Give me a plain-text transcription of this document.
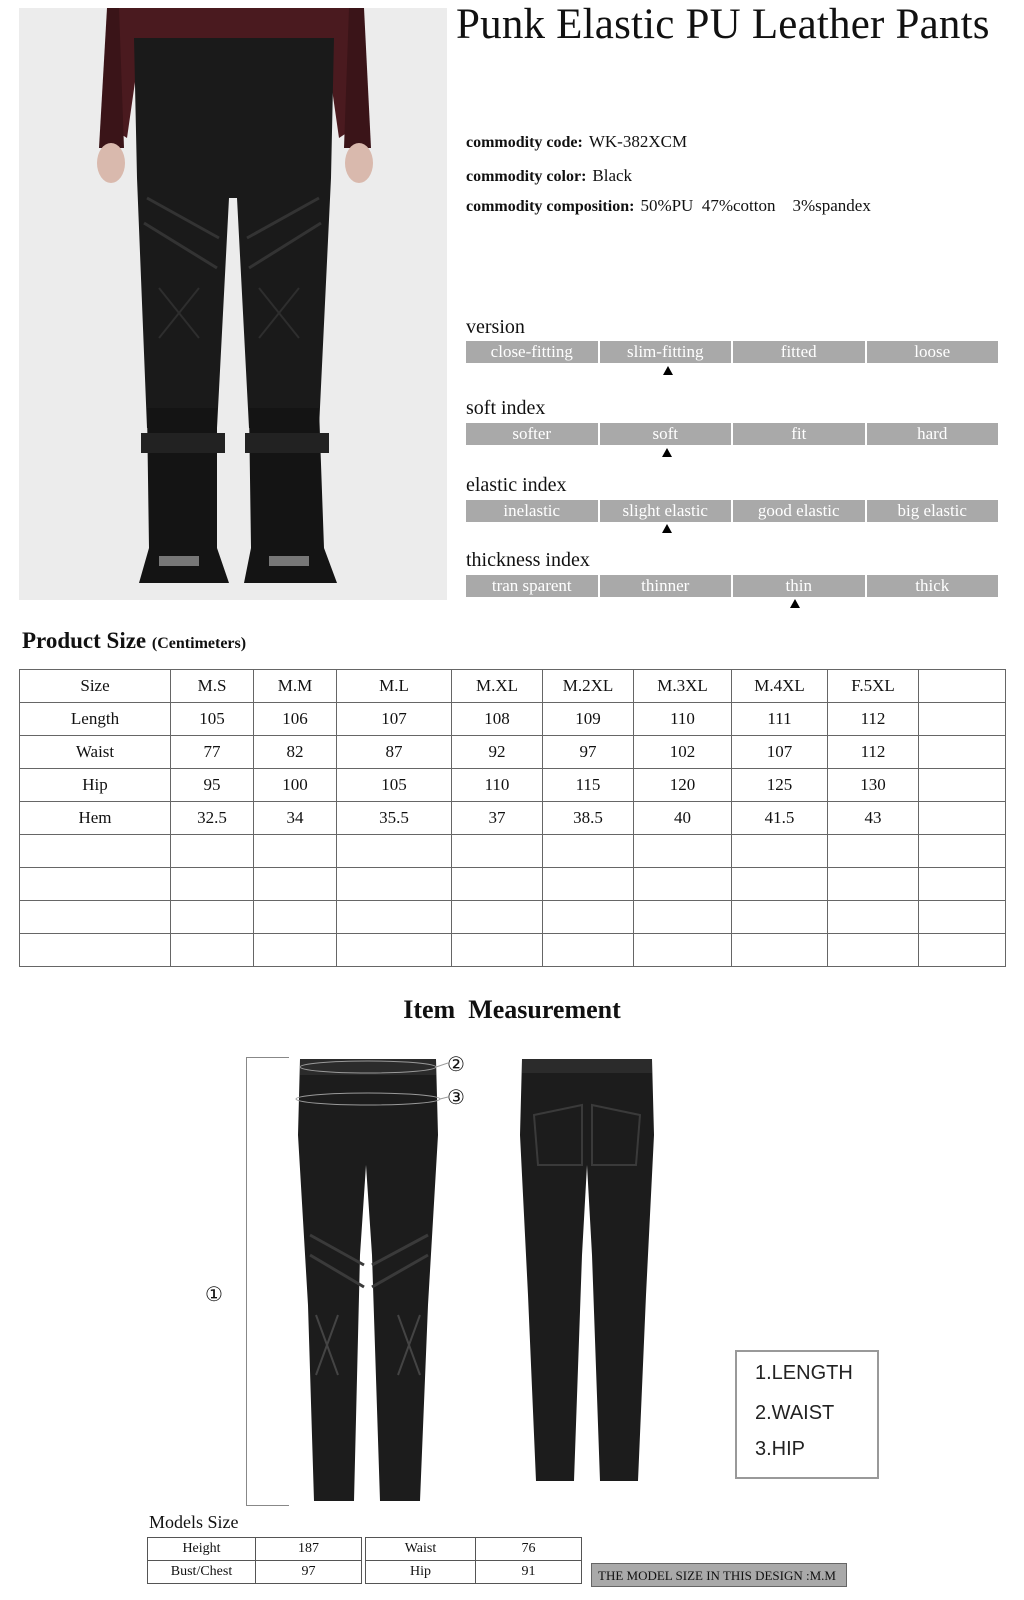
Punk Elastic PU Leather Pants
commodity code: WK-382XCM
commodity color: Black
commodity composition: 50%PU  47%cotton    3%spandex
version
close-fitting	slim-fitting	fitted	loose
soft index
softer	soft	fit	hard
elastic index
inelastic	slight elastic	good elastic	big elastic
thickness index
tran sparent	thinner	thin	thick
Product Size (Centimeters)
Size	M.S	M.M	M.L	M.XL	M.2XL	M.3XL	M.4XL	F.5XL	
Length	105	106	107	108	109	110	111	112	
Waist	77	82	87	92	97	102	107	112	
Hip	95	100	105	110	115	120	125	130	
Hem	32.5	34	35.5	37	38.5	40	41.5	43	

Item  Measurement
①
②
③
1.LENGTH
2.WAIST
3.HIP
Models Size
Height	187		Waist	76
Bust/Chest	97		Hip	91	THE MODEL SIZE IN THIS DESIGN :M.M
